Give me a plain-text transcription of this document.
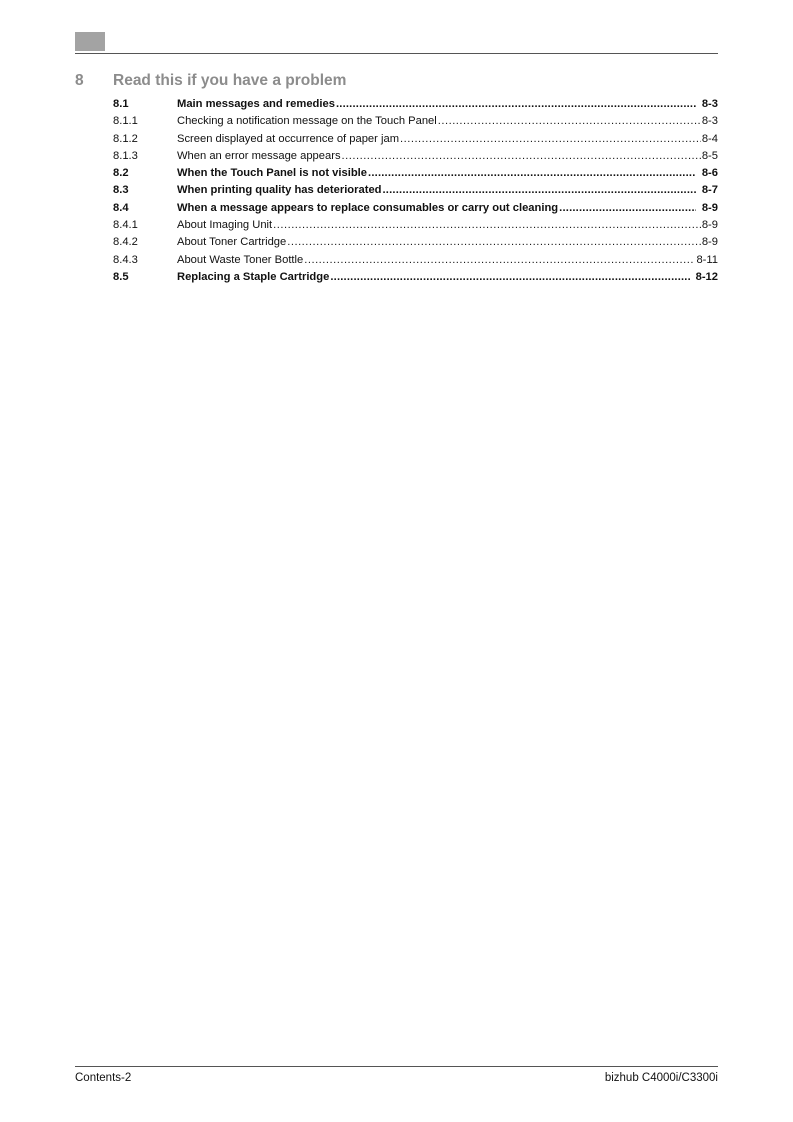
8 Read this if you have a problem
8.1	Main messages and remedies .....	8-3
8.1.1	Checking a notification message on the Touch Panel .....	8-3
8.1.2	Screen displayed at occurrence of paper jam .....	8-4
8.1.3	When an error message appears .....	8-5
8.2	When the Touch Panel is not visible .....	8-6
8.3	When printing quality has deteriorated .....	8-7
8.4	When a message appears to replace consumables or carry out cleaning .....	8-9
8.4.1	About Imaging Unit .....	8-9
8.4.2	About Toner Cartridge .....	8-9
8.4.3	About Waste Toner Bottle .....	8-11
8.5	Replacing a Staple Cartridge .....	8-12
Contents-2	bizhub C4000i/C3300i
